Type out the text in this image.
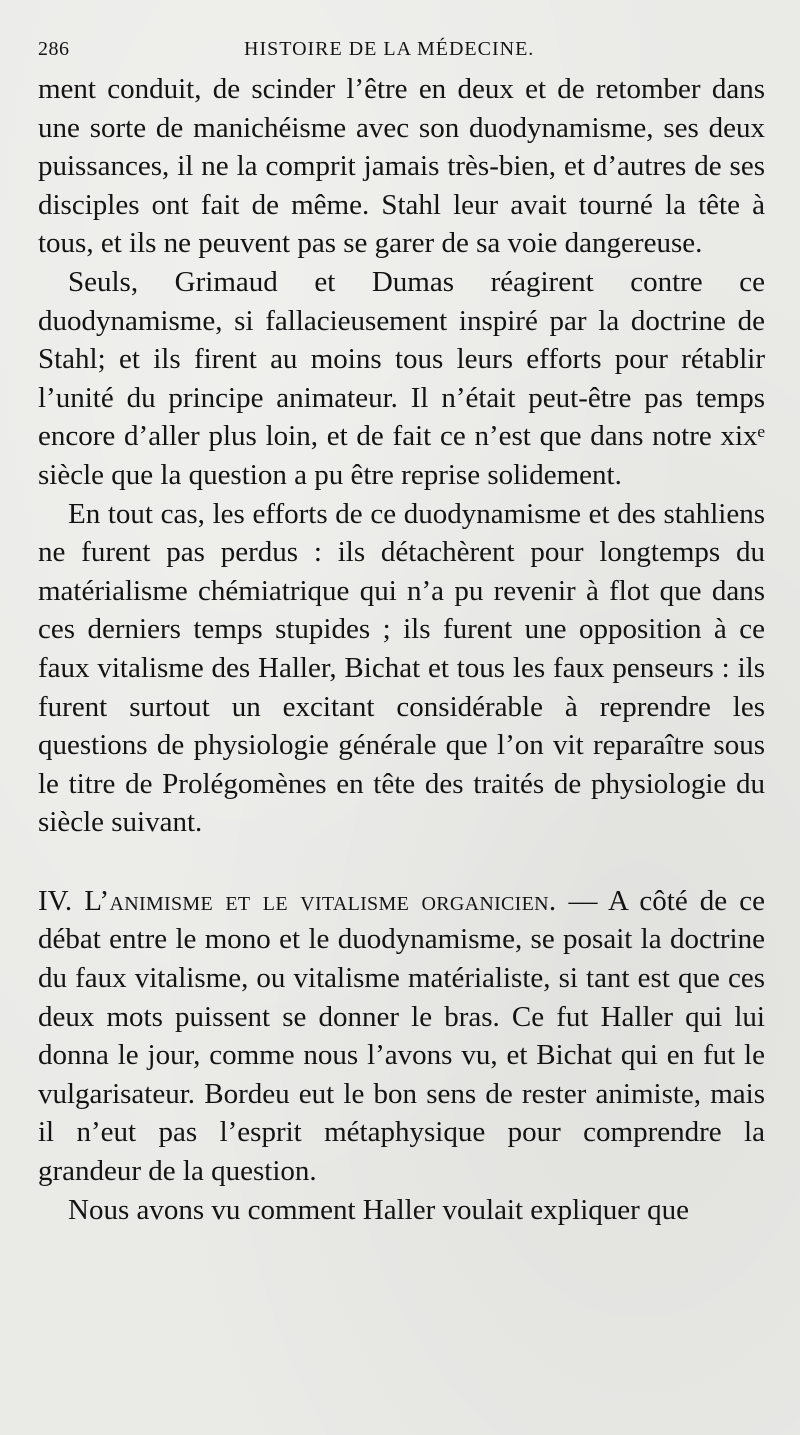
286	HISTOIRE DE LA MÉDECINE.

ment conduit, de scinder l’être en deux et de retomber dans une sorte de manichéisme avec son duodynamisme, ses deux puissances, il ne la comprit jamais très-bien, et d’autres de ses disciples ont fait de même. Stahl leur avait tourné la tête à tous, et ils ne peuvent pas se garer de sa voie dangereuse.

Seuls, Grimaud et Dumas réagirent contre ce duodynamisme, si fallacieusement inspiré par la doctrine de Stahl; et ils firent au moins tous leurs efforts pour rétablir l’unité du principe animateur. Il n’était peut-être pas temps encore d’aller plus loin, et de fait ce n’est que dans notre xixᵉ siècle que la question a pu être reprise solidement.

En tout cas, les efforts de ce duodynamisme et des stahliens ne furent pas perdus : ils détachèrent pour longtemps du matérialisme chémiatrique qui n’a pu revenir à flot que dans ces derniers temps stupides ; ils furent une opposition à ce faux vitalisme des Haller, Bichat et tous les faux penseurs : ils furent surtout un excitant considérable à reprendre les questions de physiologie générale que l’on vit reparaître sous le titre de Prolégomènes en tête des traités de physiologie du siècle suivant.

IV. L’animisme et le vitalisme organicien. — A côté de ce débat entre le mono et le duodynamisme, se posait la doctrine du faux vitalisme, ou vitalisme matérialiste, si tant est que ces deux mots puissent se donner le bras. Ce fut Haller qui lui donna le jour, comme nous l’avons vu, et Bichat qui en fut le vulgarisateur. Bordeu eut le bon sens de rester animiste, mais il n’eut pas l’esprit métaphysique pour comprendre la grandeur de la question.

Nous avons vu comment Haller voulait expliquer que
